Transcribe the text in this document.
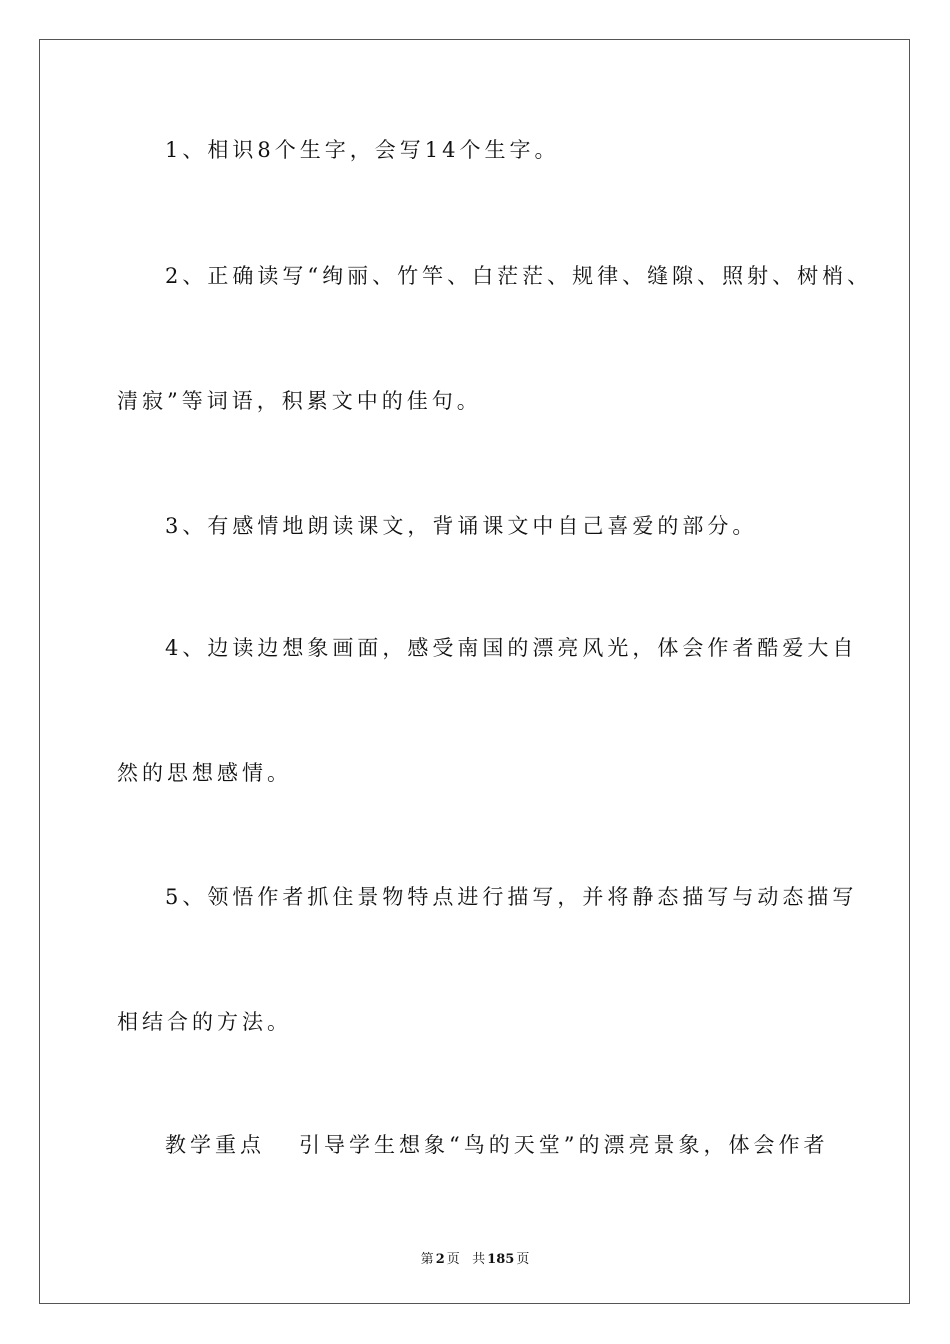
1、相识8个生字，会写14个生字。
2、正确读写“绚丽、竹竿、白茫茫、规律、缝隙、照射、树梢、
清寂”等词语，积累文中的佳句。
3、有感情地朗读课文，背诵课文中自己喜爱的部分。
4、边读边想象画面，感受南国的漂亮风光，体会作者酷爱大自
然的思想感情。
5、领悟作者抓住景物特点进行描写，并将静态描写与动态描写
相结合的方法。
教学重点 引导学生想象“鸟的天堂”的漂亮景象，体会作者
第 2 页 共 185 页
